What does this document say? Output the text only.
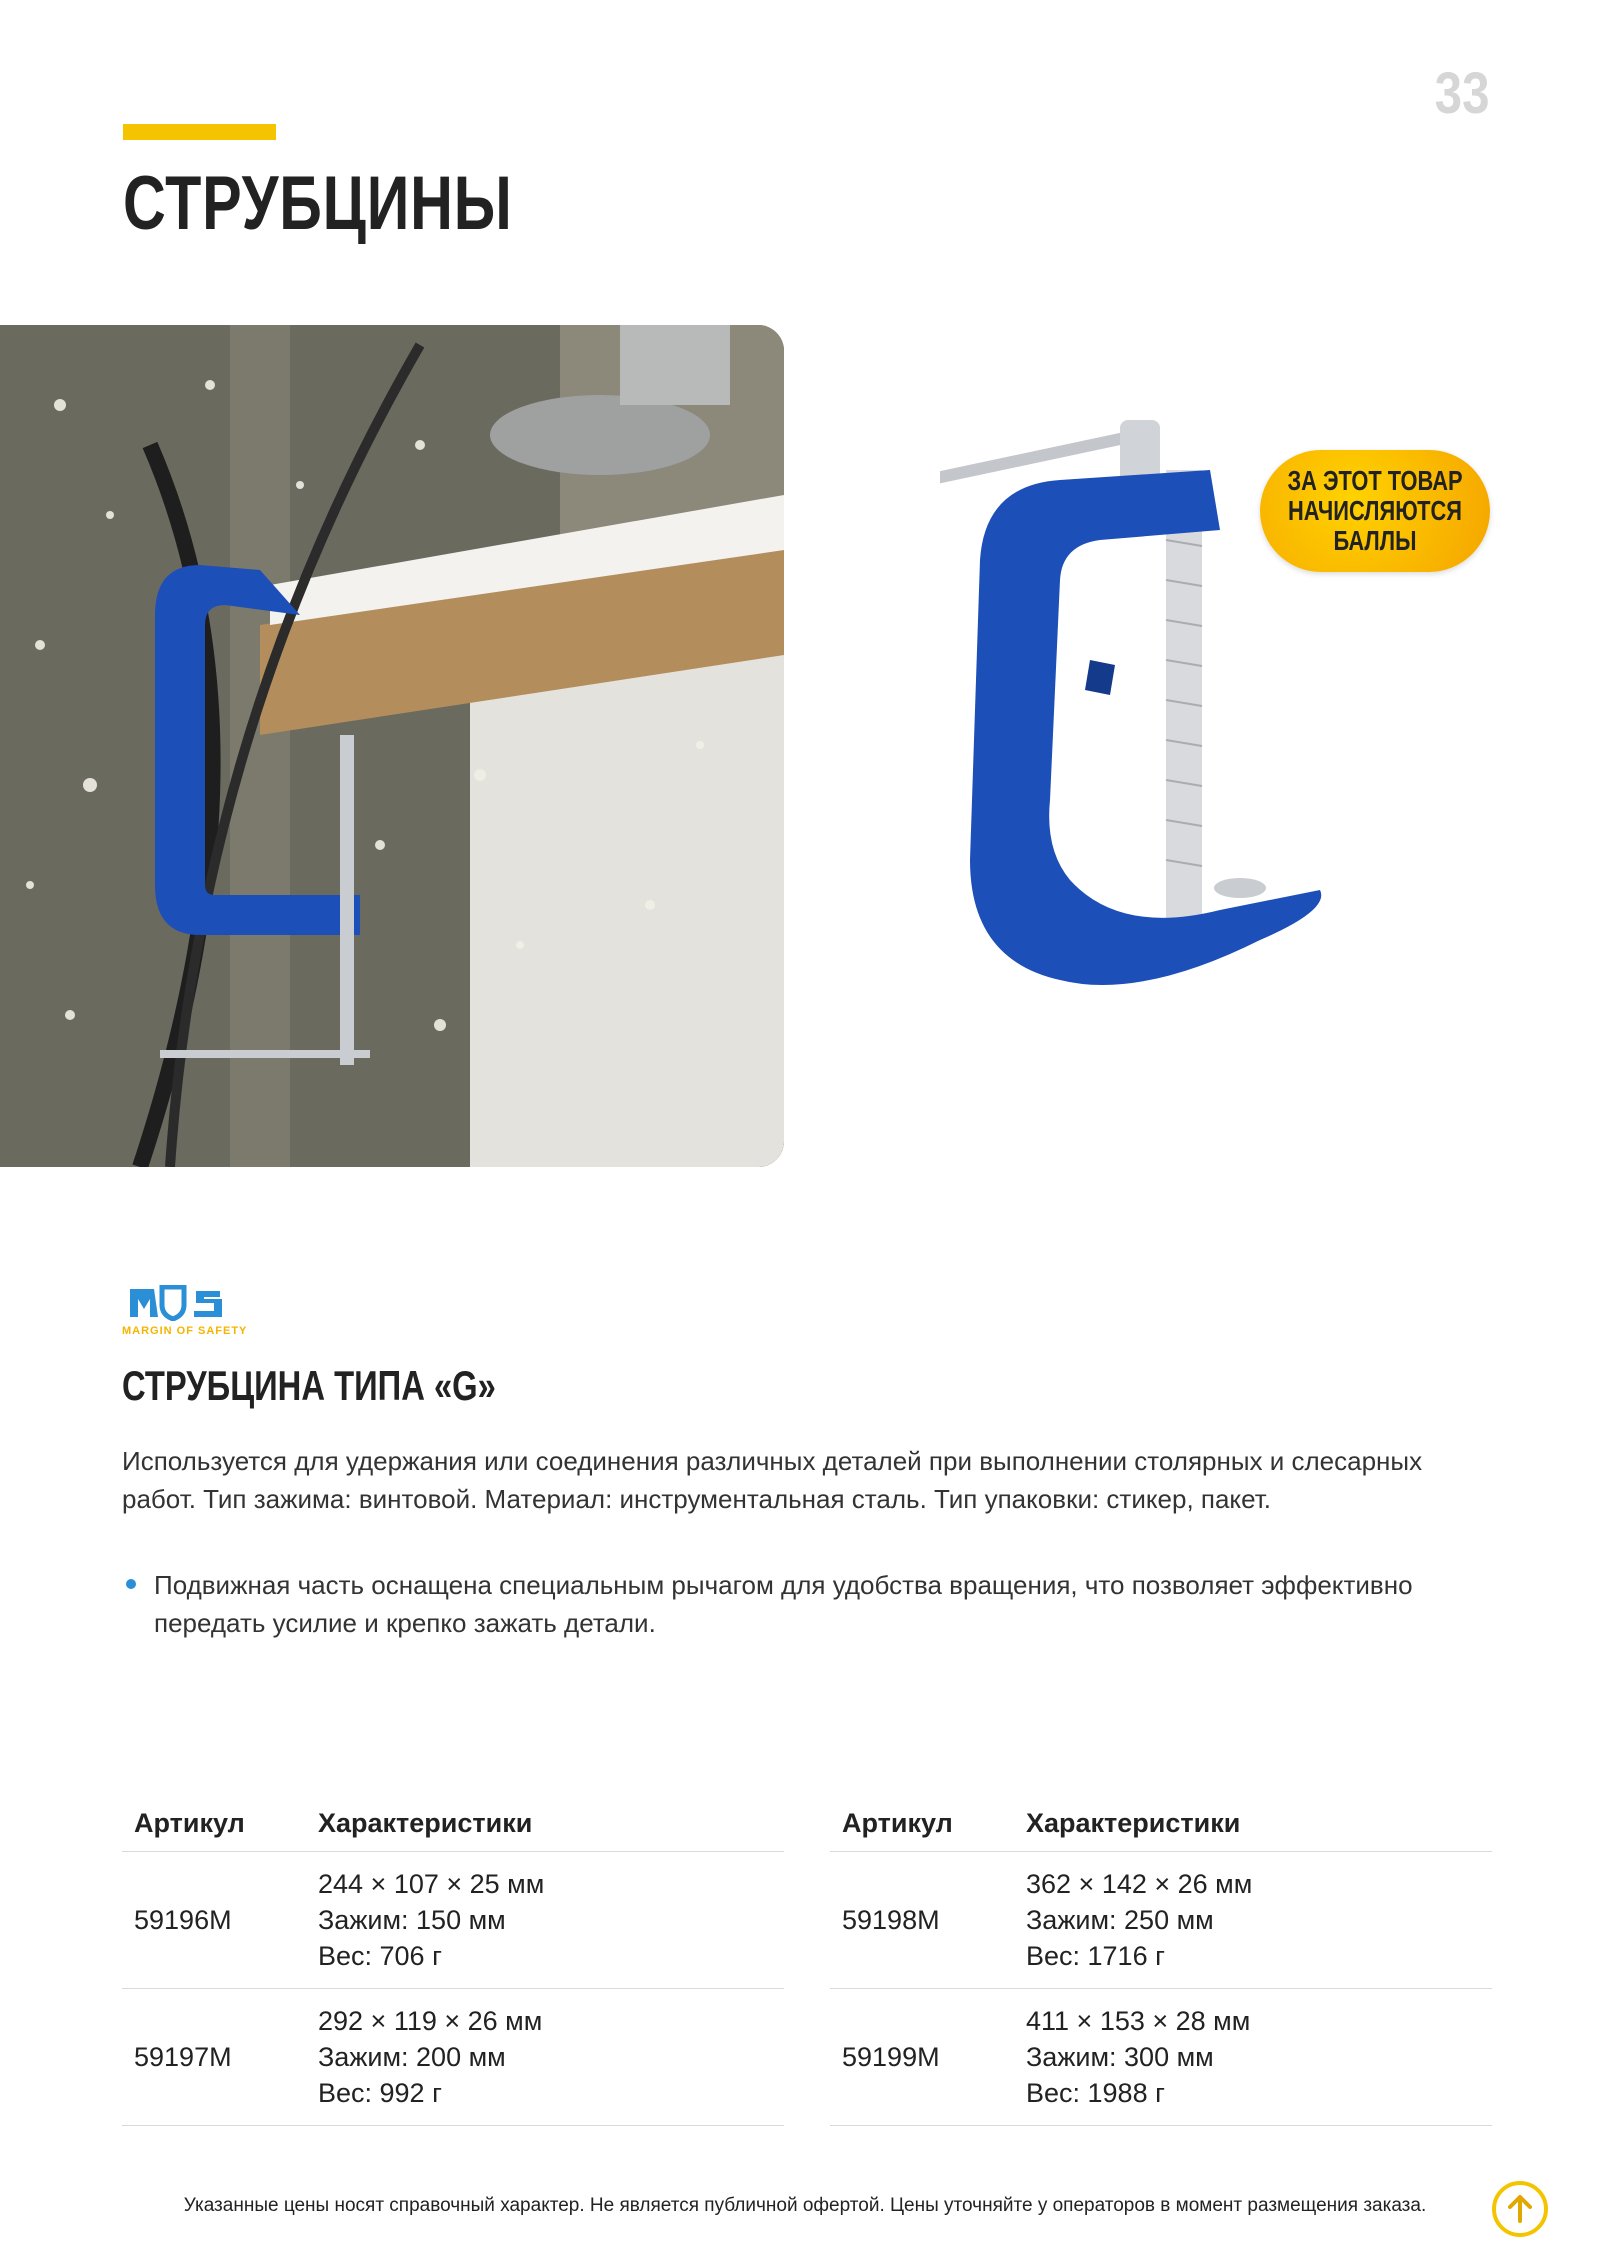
33
СТРУБЦИНЫ
ЗА ЭТОТ ТОВАР
НАЧИСЛЯЮТСЯ
БАЛЛЫ
MARGIN OF SAFETY
СТРУБЦИНА ТИПА «G»

Используется для удержания или соединения различных деталей при выполнении столярных и слесарных работ. Тип зажима: винтовой. Материал: инструментальная сталь. Тип упаковки: стикер, пакет.

Подвижная часть оснащена специальным рычагом для удобства вращения, что позволяет эффективно передать усилие и крепко зажать детали.

Артикул	Характеристики
59196M	244 × 107 × 25 мм
Зажим: 150 мм
Вес: 706 г

59197M	292 × 119 × 26 мм
Зажим: 200 мм
Вес: 992 г
Артикул	Характеристики
59198M	362 × 142 × 26 мм
Зажим: 250 мм
Вес: 1716 г

59199M	411 × 153 × 28 мм
Зажим: 300 мм
Вес: 1988 г
Указанные цены носят справочный характер. Не является публичной офертой. Цены уточняйте у операторов в момент размещения заказа.
